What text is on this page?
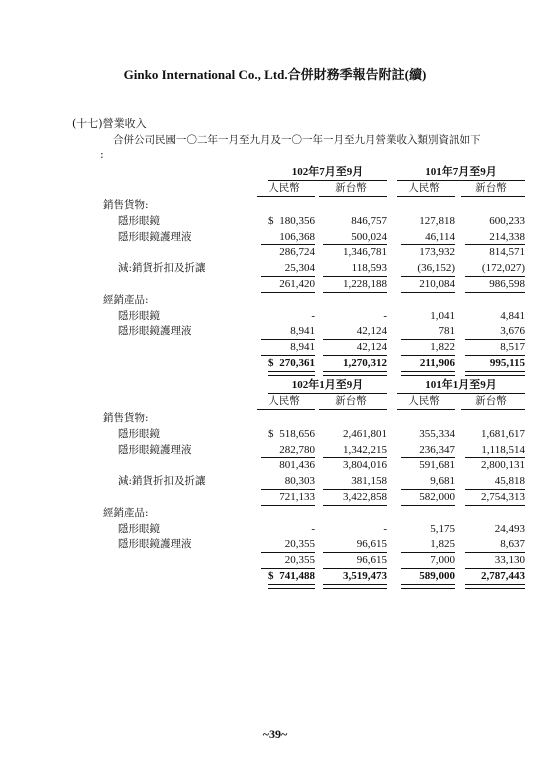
Ginko International Co., Ltd.合併財務季報告附註(續)
(十七)營業收入
合併公司民國一〇二年一月至九月及一〇一年一月至九月營業收入類別資訊如下
:
102年7月至9月	101年7月至9月
人民幣	新台幣	人民幣	新台幣
銷售貨物:
隱形眼鏡	$ 180,356	846,757	127,818	600,233
隱形眼鏡護理液	106,368	500,024	46,114	214,338
286,724	1,346,781	173,932	814,571
減:銷貨折扣及折讓	25,304	118,593	(36,152)	(172,027)
261,420	1,228,188	210,084	986,598
經銷產品:
隱形眼鏡	-	-	1,041	4,841
隱形眼鏡護理液	8,941	42,124	781	3,676
8,941	42,124	1,822	8,517
$ 270,361	1,270,312	211,906	995,115
102年1月至9月	101年1月至9月
人民幣	新台幣	人民幣	新台幣
銷售貨物:
隱形眼鏡	$ 518,656	2,461,801	355,334	1,681,617
隱形眼鏡護理液	282,780	1,342,215	236,347	1,118,514
801,436	3,804,016	591,681	2,800,131
減:銷貨折扣及折讓	80,303	381,158	9,681	45,818
721,133	3,422,858	582,000	2,754,313
經銷產品:
隱形眼鏡	-	-	5,175	24,493
隱形眼鏡護理液	20,355	96,615	1,825	8,637
20,355	96,615	7,000	33,130
$ 741,488	3,519,473	589,000	2,787,443
~39~
